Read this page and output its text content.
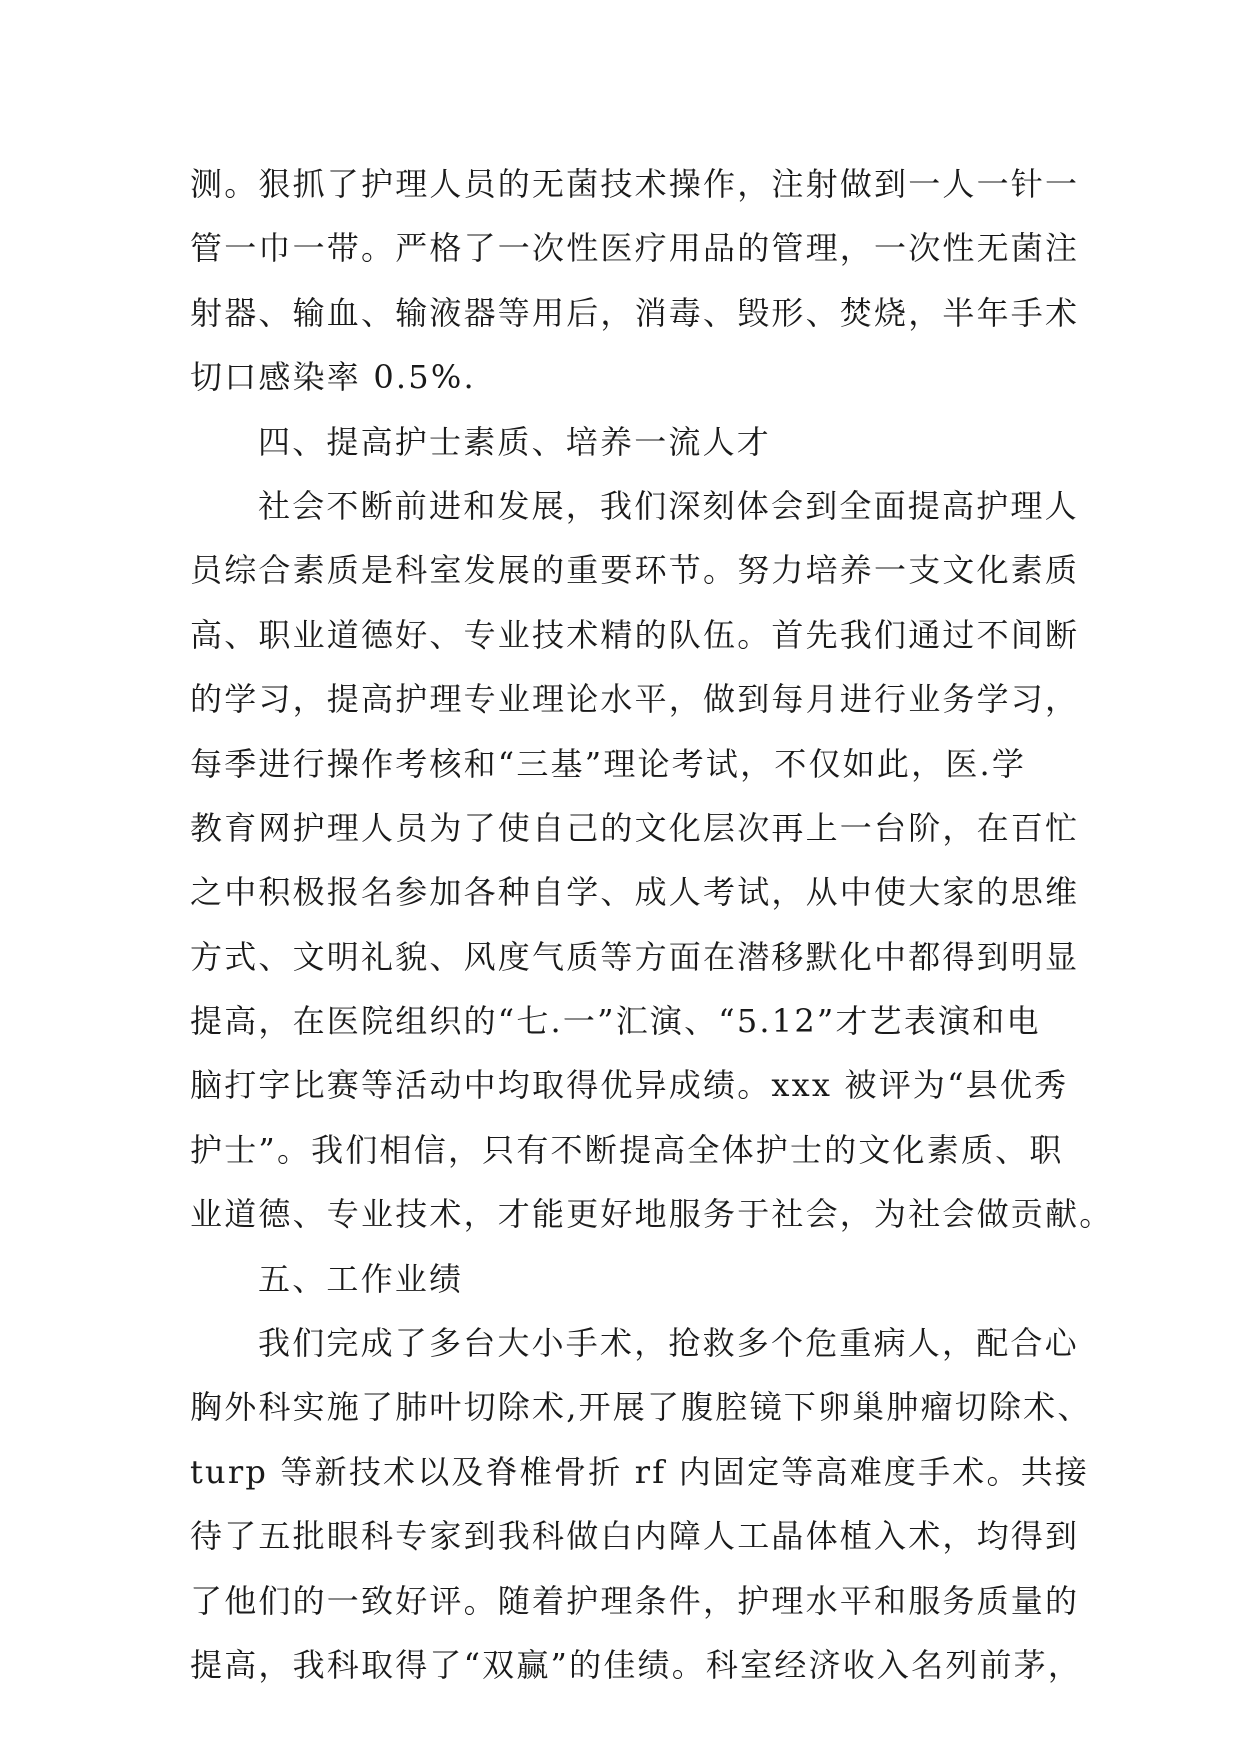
测。狠抓了护理人员的无菌技术操作，注射做到一人一针一
管一巾一带。严格了一次性医疗用品的管理，一次性无菌注
射器、输血、输液器等用后，消毒、毁形、焚烧，半年手术
切口感染率 0.5%.
四、提高护士素质、培养一流人才
社会不断前进和发展，我们深刻体会到全面提高护理人
员综合素质是科室发展的重要环节。努力培养一支文化素质
高、职业道德好、专业技术精的队伍。首先我们通过不间断
的学习，提高护理专业理论水平，做到每月进行业务学习，
每季进行操作考核和“三基”理论考试，不仅如此，医.学
教育网护理人员为了使自己的文化层次再上一台阶，在百忙
之中积极报名参加各种自学、成人考试，从中使大家的思维
方式、文明礼貌、风度气质等方面在潜移默化中都得到明显
提高，在医院组织的“七.一”汇演、“5.12”才艺表演和电
脑打字比赛等活动中均取得优异成绩。xxx 被评为“县优秀
护士”。我们相信，只有不断提高全体护士的文化素质、职
业道德、专业技术，才能更好地服务于社会，为社会做贡献。
五、工作业绩
我们完成了多台大小手术，抢救多个危重病人，配合心
胸外科实施了肺叶切除术,开展了腹腔镜下卵巢肿瘤切除术、
turp 等新技术以及脊椎骨折 rf 内固定等高难度手术。共接
待了五批眼科专家到我科做白内障人工晶体植入术，均得到
了他们的一致好评。随着护理条件，护理水平和服务质量的
提高，我科取得了“双赢”的佳绩。科室经济收入名列前茅，
